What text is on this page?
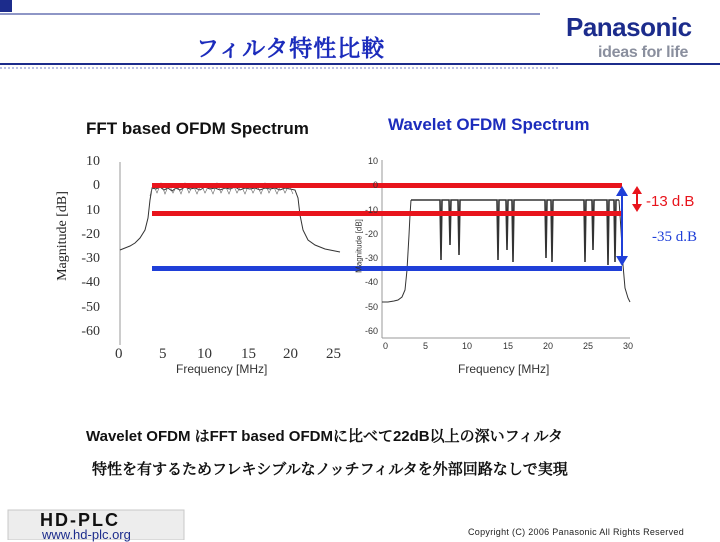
フィルタ特性比較
Panasonic
ideas for life
FFT based OFDM Spectrum
Magnitude [dB]
10
0
10
-20
-30
-40
-50
-60
0 5 10 15 20 25
Frequency [MHz]
Wavelet OFDM Spectrum
Magnitude [dB]
10
0
-10
-20
-30
-40
-50
-60
0	5	10	15	20	25	30
Frequency [MHz]
-13 d.B
-35 d.B
Wavelet OFDM はFFT based OFDMに比べて22dB以上の深いフィルタ
特性を有するためフレキシブルなノッチフィルタを外部回路なしで実現
HD-PLC
www.hd-plc.org	Copyright (C) 2006 Panasonic All Rights Reserved
